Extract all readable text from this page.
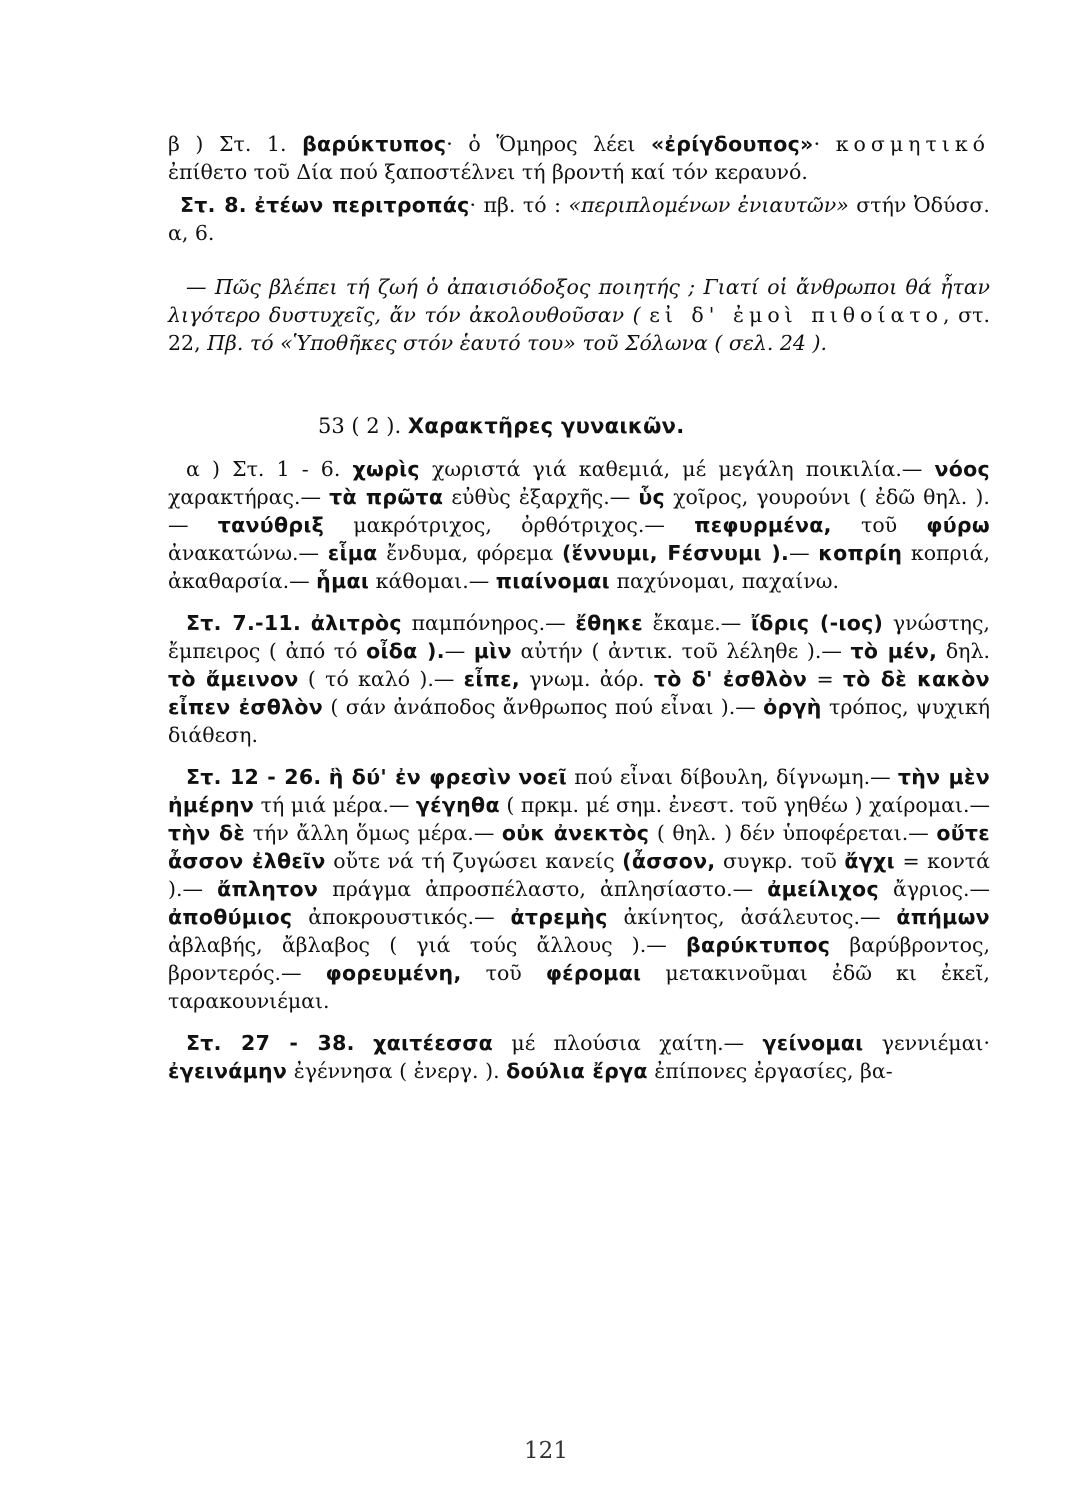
β ) Στ. 1. βαρύκτυπος· ὁ Ὅμηρος λέει «ἐρίγδουπος»· κοσμητικό ἐπίθετο τοῦ Δία πού ξαποστέλνει τή βροντή καί τόν κεραυνό.

Στ. 8. ἐτέων περιτροπάς· πβ. τό : «περιπλομένων ἐνιαυτῶν» στήν Ὀδύσσ. α, 6.

— Πῶς βλέπει τή ζωή ὁ ἀπαισιόδοξος ποιητής ; Γιατί οἱ ἄνθρωποι θά ἦταν λιγότερο δυστυχεῖς, ἄν τόν ἀκολουθοῦσαν ( εἰ δ' ἐμοὶ πιθοίατο, στ. 22, Πβ. τό «Ὑποθῆκες στόν ἑαυτό του» τοῦ Σόλωνα ( σελ. 24 ).

53 ( 2 ). Χαρακτῆρες γυναικῶν.

α ) Στ. 1 - 6. χωρὶς χωριστά γιά καθεμιά, μέ μεγάλη ποικιλία.— νόος χαρακτήρας.— τὰ πρῶτα εὐθὺς ἐξαρχῆς.— ὗς χοῖρος, γουρούνι ( ἐδῶ θηλ. ).— τανύθριξ μακρότριχος, ὀρθότριχος.— πεφυρμένα, τοῦ φύρω ἀνακατώνω.— εἷμα ἔνδυμα, φόρεμα (ἕννυμι, Ϝέσνυμι ).— κοπρίη κοπριά, ἀκαθαρσία.— ἧμαι κάθομαι.— πιαίνομαι παχύνομαι, παχαίνω.

Στ. 7.-11. ἀλιτρὸς παμπόνηρος.— ἔθηκε ἔκαμε.— ἴδρις (-ιος) γνώστης, ἔμπειρος ( ἀπό τό οἶδα ).— μὶν αὐτήν ( ἀντικ. τοῦ λέληθε ).— τὸ μέν, δηλ. τὸ ἄμεινον ( τό καλό ).— εἶπε, γνωμ. ἀόρ. τὸ δ' ἐσθλὸν = τὸ δὲ κακὸν εἶπεν ἐσθλὸν ( σάν ἀνάποδος ἄνθρωπος πού εἶναι ).— ὀργὴ τρόπος, ψυχική διάθεση.

Στ. 12 - 26. ἣ δύ' ἐν φρεσὶν νοεῖ πού εἶναι δίβουλη, δίγνωμη.— τὴν μὲν ἠμέρην τή μιά μέρα.— γέγηθα ( πρκμ. μέ σημ. ἐνεστ. τοῦ γηθέω ) χαίρομαι.— τὴν δὲ τήν ἄλλη ὅμως μέρα.— οὐκ ἀνεκτὸς ( θηλ. ) δέν ὑποφέρεται.— οὔτε ἆσσον ἐλθεῖν οὔτε νά τή ζυγώσει κανείς (ἆσσον, συγκρ. τοῦ ἄγχι = κοντά ).— ἄπλητον πράγμα ἀπροσπέλαστο, ἀπλησίαστο.— ἀμείλιχος ἄγριος.— ἀποθύμιος ἀποκρουστικός.— ἀτρεμὴς ἀκίνητος, ἀσάλευτος.— ἀπήμων ἀβλαβής, ἄβλαβος ( γιά τούς ἄλλους ).— βαρύκτυπος βαρύβροντος, βροντερός.— φορευμένη, τοῦ φέρομαι μετακινοῦμαι ἐδῶ κι ἐκεῖ, ταρακουνιέμαι.

Στ. 27 - 38. χαιτέεσσα μέ πλούσια χαίτη.— γείνομαι γεννιέμαι· ἐγεινάμην ἐγέννησα ( ἐνεργ. ). δούλια ἔργα ἐπίπονες ἐργασίες, βα-

121
